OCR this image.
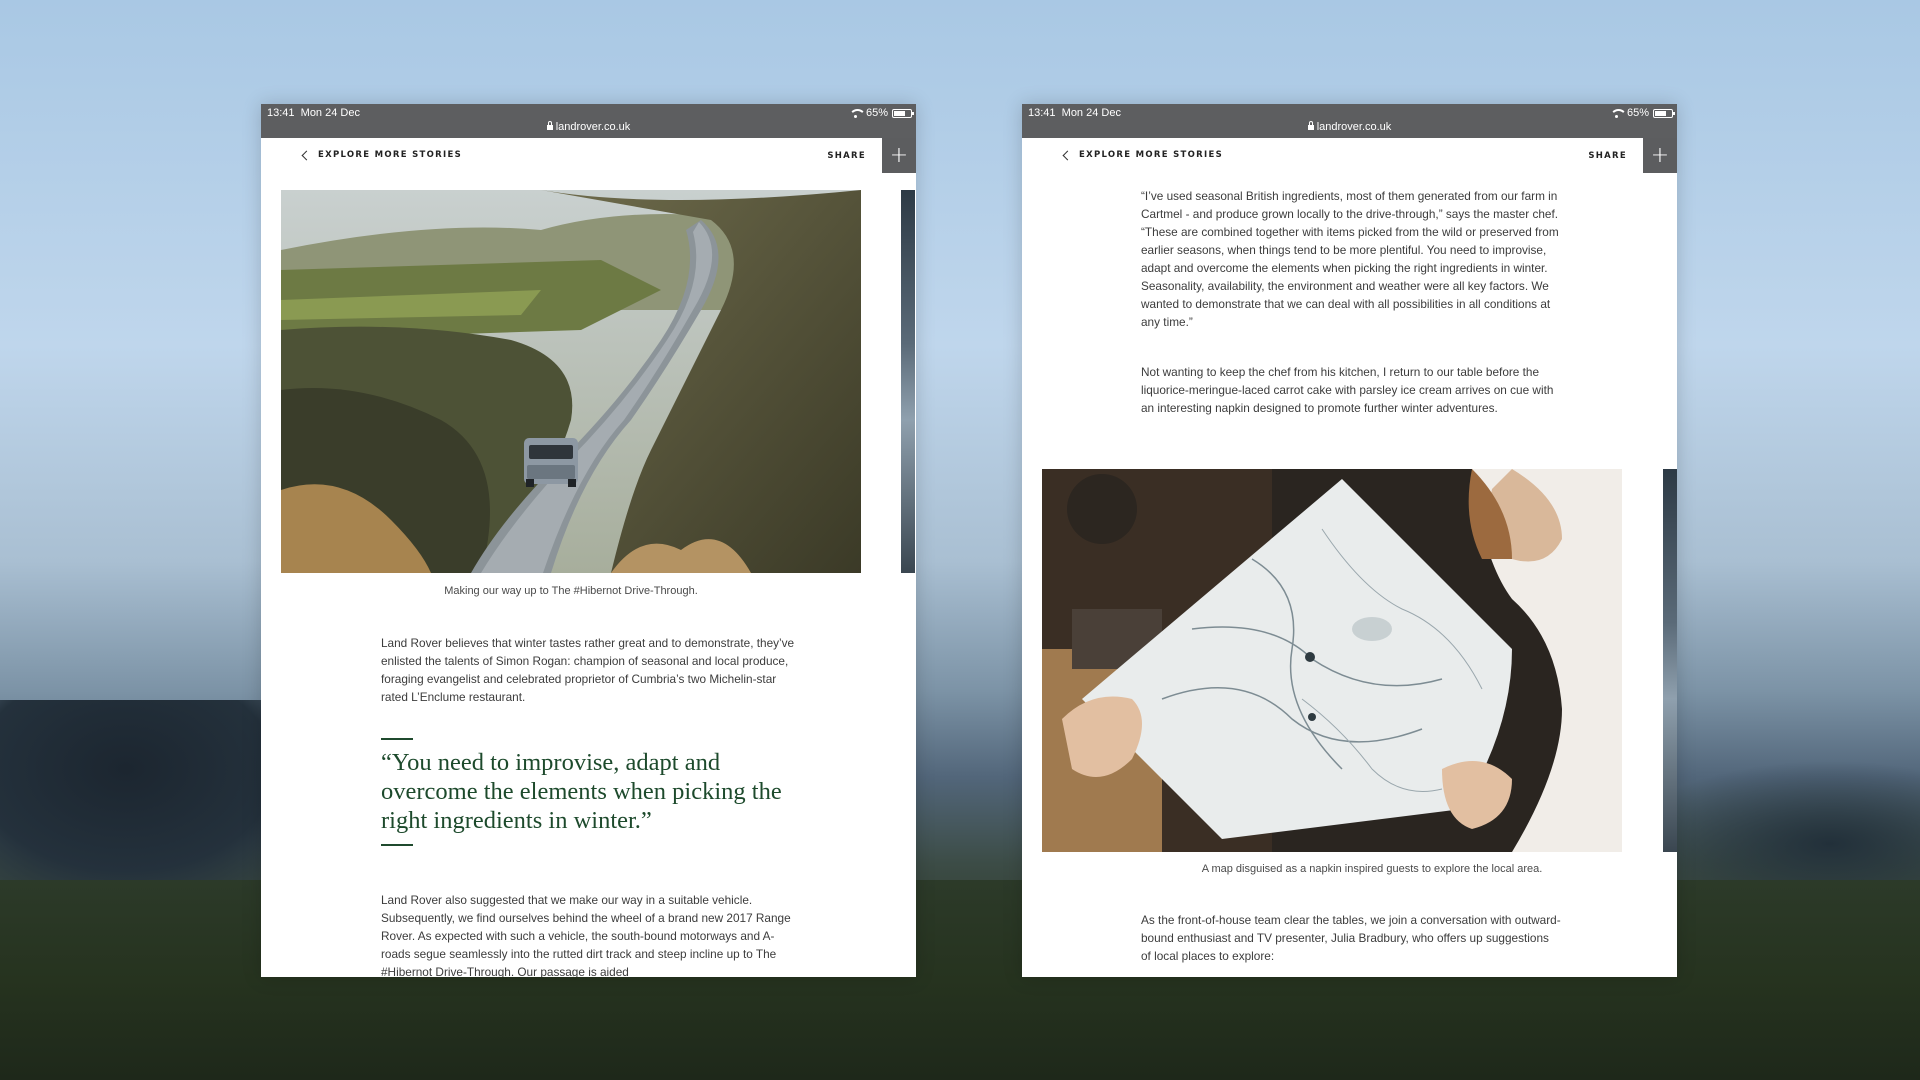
13:41 Mon 24 Dec	65%
landrover.co.uk
EXPLORE MORE STORIES	SHARE +
Making our way up to The #Hibernot Drive-Through.

Land Rover believes that winter tastes rather great and to demonstrate, they’ve enlisted the talents of Simon Rogan: champion of seasonal and local produce, foraging evangelist and celebrated proprietor of Cumbria’s two Michelin-star rated L’Enclume restaurant.

“You need to improvise, adapt and overcome the elements when picking the right ingredients in winter.”

Land Rover also suggested that we make our way in a suitable vehicle. Subsequently, we find ourselves behind the wheel of a brand new 2017 Range Rover. As expected with such a vehicle, the south-bound motorways and A-roads segue seamlessly into the rutted dirt track and steep incline up to The #Hibernot Drive-Through. Our passage is aided

13:41 Mon 24 Dec	65%
landrover.co.uk
EXPLORE MORE STORIES	SHARE +

“I’ve used seasonal British ingredients, most of them generated from our farm in Cartmel - and produce grown locally to the drive-through,” says the master chef. “These are combined together with items picked from the wild or preserved from earlier seasons, when things tend to be more plentiful. You need to improvise, adapt and overcome the elements when picking the right ingredients in winter. Seasonality, availability, the environment and weather were all key factors. We wanted to demonstrate that we can deal with all possibilities in all conditions at any time.”

Not wanting to keep the chef from his kitchen, I return to our table before the liquorice-meringue-laced carrot cake with parsley ice cream arrives on cue with an interesting napkin designed to promote further winter adventures.

A map disguised as a napkin inspired guests to explore the local area.

As the front-of-house team clear the tables, we join a conversation with outward-bound enthusiast and TV presenter, Julia Bradbury, who offers up suggestions of local places to explore:
